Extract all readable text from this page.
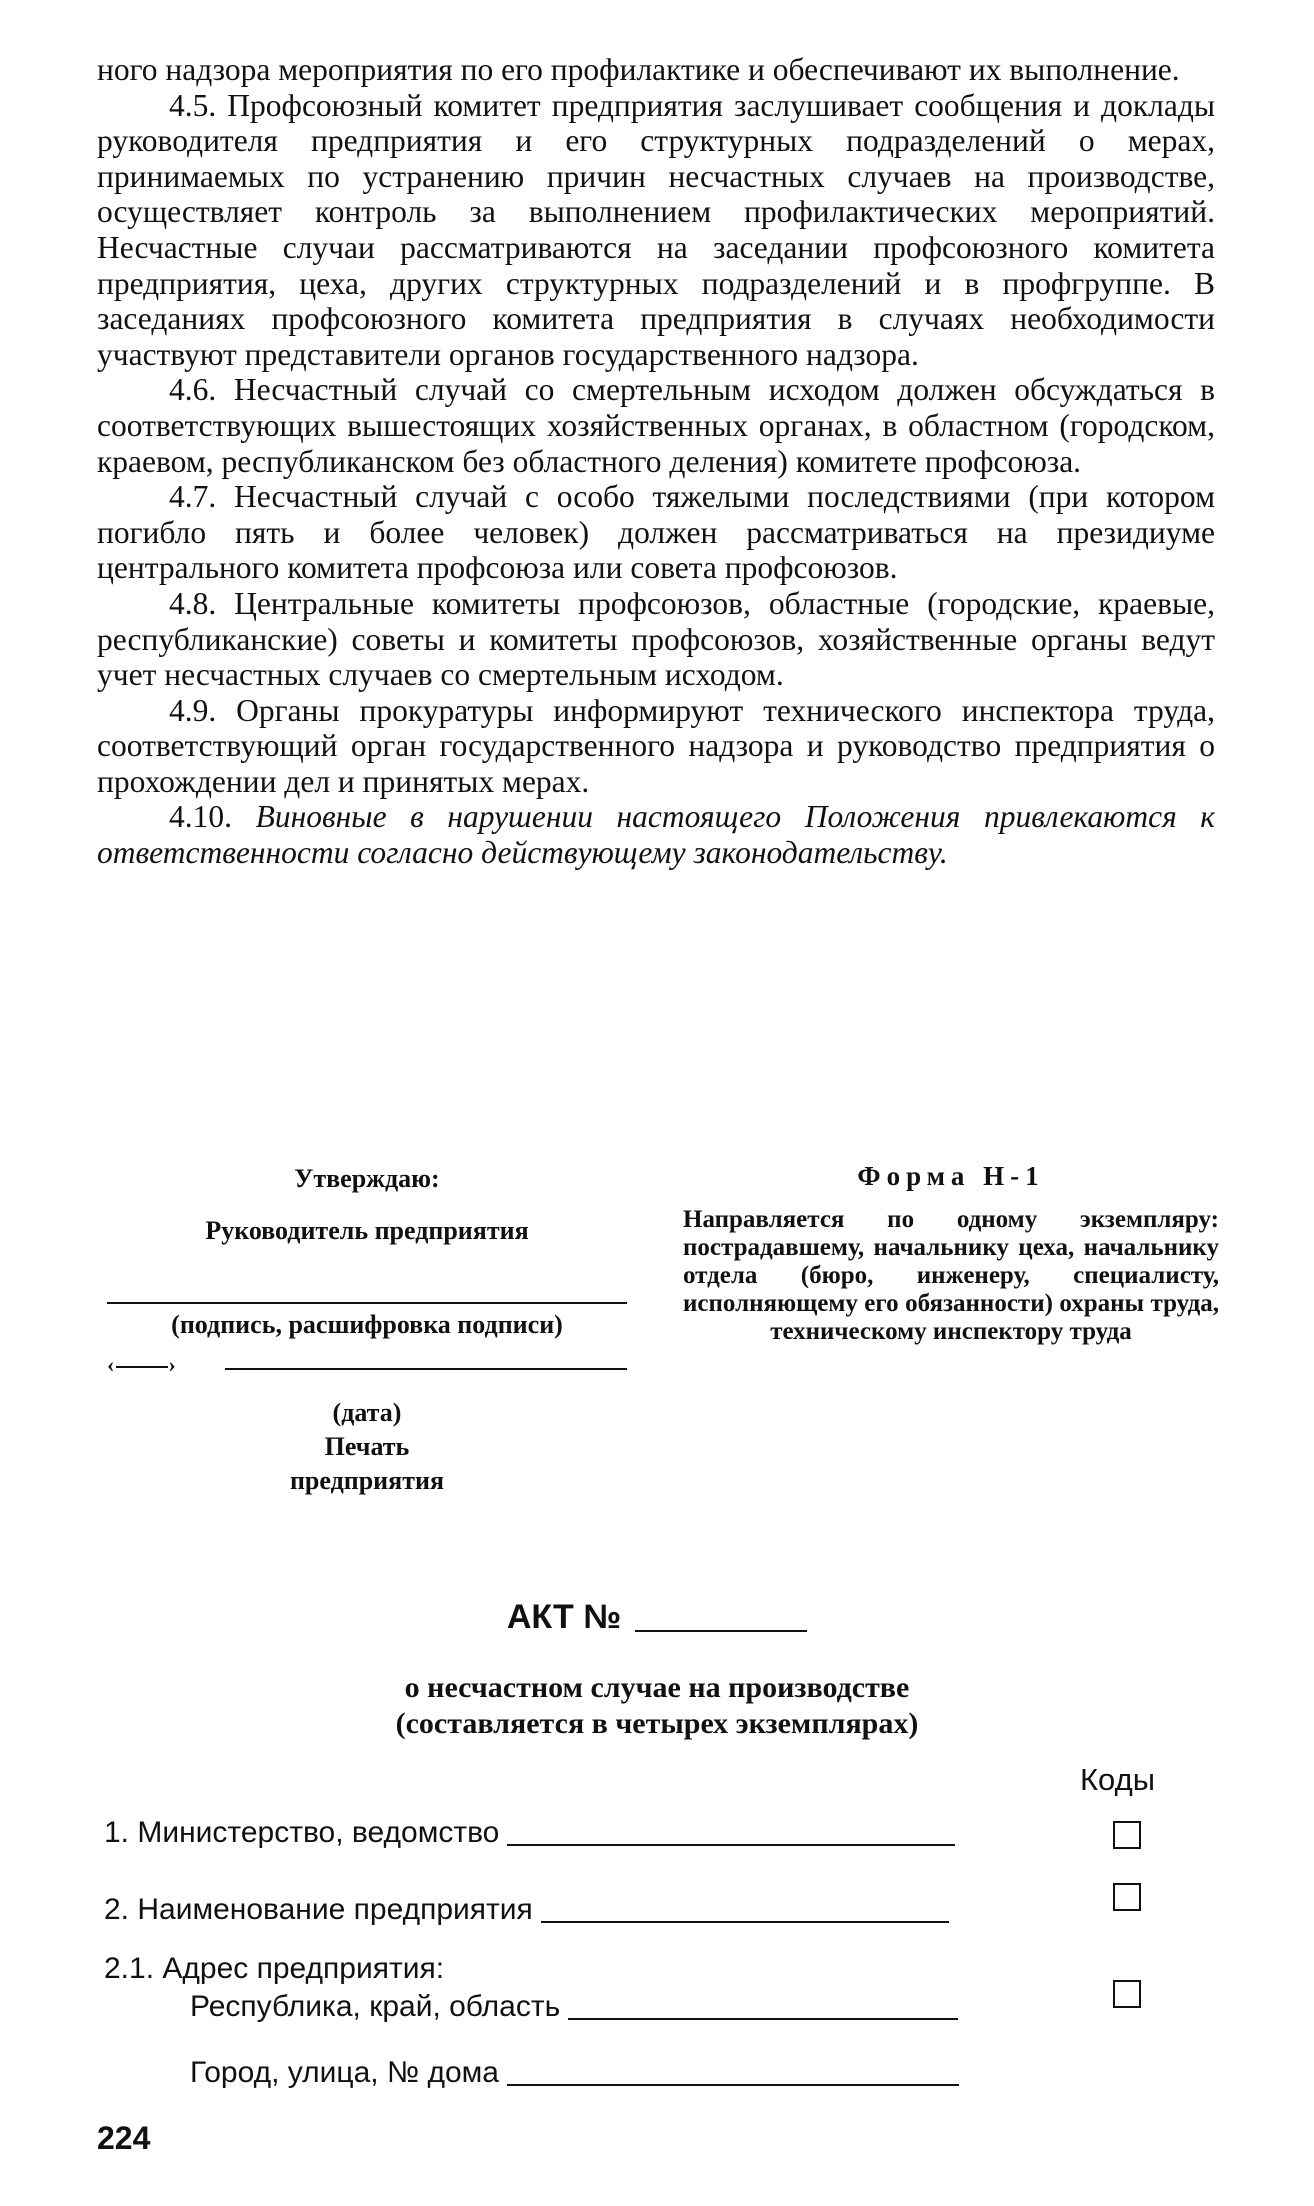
ного надзора мероприятия по его профилактике и обеспечивают их выполнение.

4.5. Профсоюзный комитет предприятия заслушивает сообщения и доклады руководителя предприятия и его структурных подразделений о мерах, принимаемых по устранению причин несчастных случаев на производстве, осуществляет контроль за выполнением профилактических мероприятий. Несчастные случаи рассматриваются на заседании профсоюзного комитета предприятия, цеха, других структурных подразделений и в профгруппе. В заседаниях профсоюзного комитета предприятия в случаях необходимости участвуют представители органов государственного надзора.

4.6. Несчастный случай со смертельным исходом должен обсуждаться в соответствующих вышестоящих хозяйственных органах, в областном (городском, краевом, республиканском без областного деления) комитете профсоюза.

4.7. Несчастный случай с особо тяжелыми последствиями (при котором погибло пять и более человек) должен рассматриваться на президиуме центрального комитета профсоюза или совета профсоюзов.

4.8. Центральные комитеты профсоюзов, областные (городские, краевые, республиканские) советы и комитеты профсоюзов, хозяйственные органы ведут учет несчастных случаев со смертельным исходом.

4.9. Органы прокуратуры информируют технического инспектора труда, соответствующий орган государственного надзора и руководство предприятия о прохождении дел и принятых мерах.

4.10. Виновные в нарушении настоящего Положения привлекаются к ответственности согласно действующему законодательству.

Утверждаю:
Руководитель предприятия
(подпись, расшифровка подписи)
‹ ›
(дата)
Печать
предприятия
Форма Н-1
Направляется по одному экземпляру: пострадавшему, начальнику цеха, начальнику отдела (бюро, инженеру, специалисту, исполняющему его обязанности) охраны труда, техническому инспектору труда
АКТ №
о несчастном случае на производстве
(составляется в четырех экземплярах)
Коды
1. Министерство, ведомство
2. Наименование предприятия
2.1. Адрес предприятия:
Республика, край, область
Город, улица, № дома
224
